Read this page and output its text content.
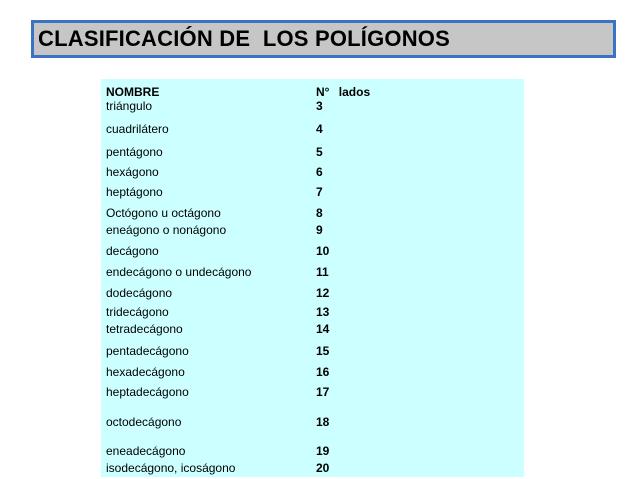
CLASIFICACIÓN DE  LOS POLÍGONOS
NOMBRE	N° lados
triángulo	3
cuadrilátero	4
pentágono	5
hexágono	6
heptágono	7
Octógono u octágono	8
eneágono o nonágono	9
decágono	10
endecágono o undecágono	11
dodecágono	12
tridecágono	13
tetradecágono	14
pentadecágono	15
hexadecágono	16
heptadecágono	17
octodecágono	18
eneadecágono	19
isodecágono, icoságono	20
